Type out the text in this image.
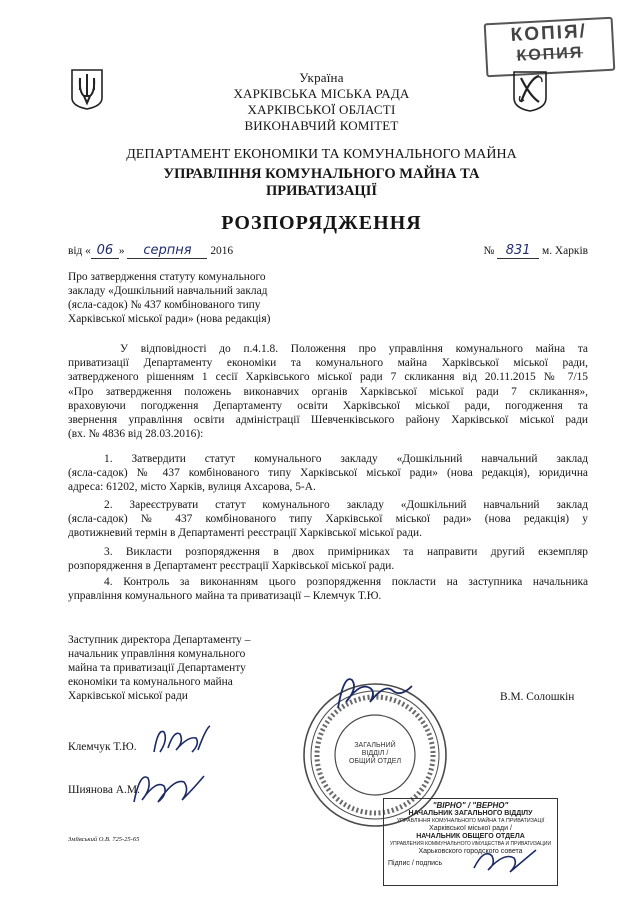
КОПІЯ/
КОПИЯ
Україна
ХАРКІВСЬКА МІСЬКА РАДА
ХАРКІВСЬКОЇ ОБЛАСТІ
ВИКОНАВЧИЙ КОМІТЕТ
ДЕПАРТАМЕНТ ЕКОНОМІКИ ТА КОМУНАЛЬНОГО МАЙНА
УПРАВЛІННЯ КОМУНАЛЬНОГО МАЙНА ТА
ПРИВАТИЗАЦІЇ
РОЗПОРЯДЖЕННЯ
від « 06 » серпня 2016	№ 831 м. Харків
Про затвердження статуту комунального
закладу «Дошкільний навчальний заклад
(ясла-садок) № 437 комбінованого типу
Харківської міської ради» (нова редакція)
У відповідності до п.4.1.8. Положення про управління комунального майна та
приватизації Департаменту економіки та комунального майна Харківської міської ради,
затвердженого рішенням 1 сесії Харківського міської ради 7 скликання від 20.11.2015 № 7/15
«Про затвердження положень виконавчих органів Харківської міської ради 7 скликання»,
враховуючи погодження Департаменту освіти Харківської міської ради, погодження та
звернення управління освіти адміністрації Шевченківського району Харківської міської ради
(вх. № 4836 від 28.03.2016):
1. Затвердити статут комунального закладу «Дошкільний навчальний заклад
(ясла-садок) № 437 комбінованого типу Харківської міської ради» (нова редакція), юридична
адреса: 61202, місто Харків, вулиця Ахсарова, 5-А.
2. Зареєструвати статут комунального закладу «Дошкільний навчальний заклад
(ясла-садок) № 437 комбінованого типу Харківської міської ради» (нова редакція) у
двотижневий термін в Департаменті реєстрації Харківської міської ради.
3. Викласти розпорядження в двох примірниках та направити другий екземпляр
розпорядження в Департамент реєстрації Харківської міської ради.
4. Контроль за виконанням цього розпорядження покласти на заступника начальника
управління комунального майна та приватизації – Клемчук Т.Ю.
Заступник директора Департаменту –
начальник управління комунального
майна та приватизації Департаменту
економіки та комунального майна
Харківської міської ради	В.М. Солошкін
ЗАГАЛЬНИЙ
ВІДДІЛ /
ОБЩИЙ ОТДЕЛ
Клемчук Т.Ю.
Шиянова А.М.
Зміївський О.В. 725-25-65
"ВІРНО" / "ВЕРНО"
НАЧАЛЬНИК ЗАГАЛЬНОГО ВІДДІЛУ
УПРАВЛІННЯ КОМУНАЛЬНОГО МАЙНА ТА ПРИВАТИЗАЦІЇ
Харківської міської ради /
НАЧАЛЬНИК ОБЩЕГО ОТДЕЛА
УПРАВЛЕНИЯ КОММУНАЛЬНОГО ИМУЩЕСТВА И ПРИВАТИЗАЦИИ
Харьковского городского совета
Підпис / подпись
